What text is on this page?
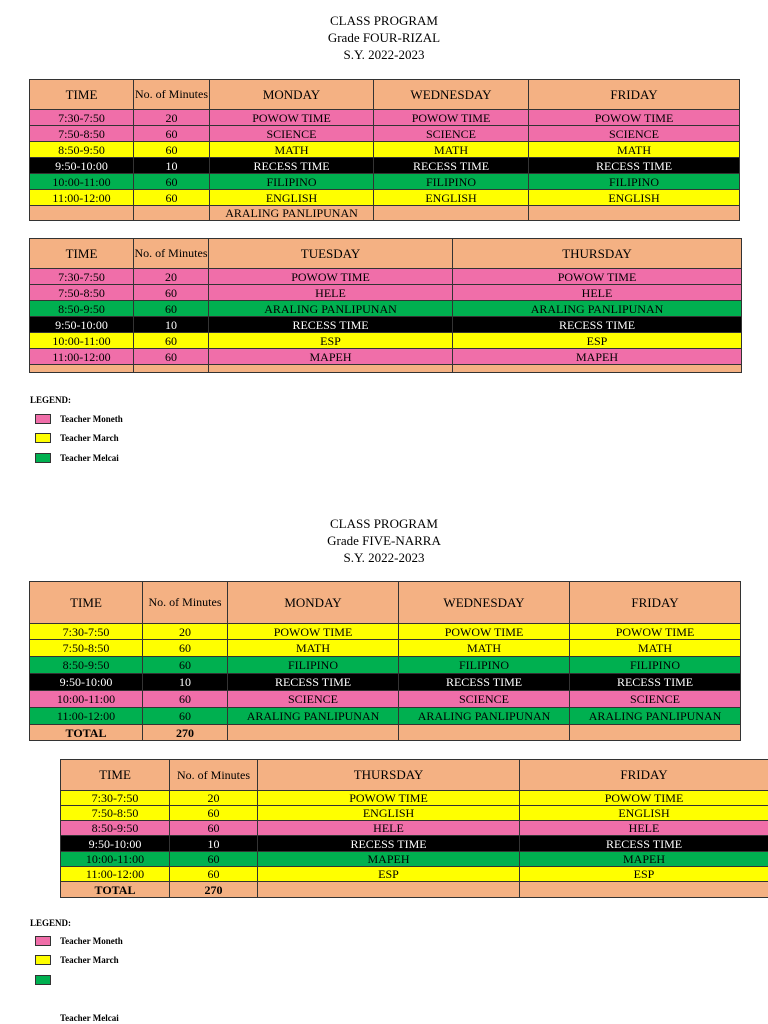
CLASS PROGRAM
Grade FOUR-RIZAL
S.Y. 2022-2023
TIME	No. of Minutes	MONDAY	WEDNESDAY	FRIDAY
7:30-7:50	20	POWOW TIME	POWOW TIME	POWOW TIME
7:50-8:50	60	SCIENCE	SCIENCE	SCIENCE
8:50-9:50	60	MATH	MATH	MATH
9:50-10:00	10	RECESS TIME	RECESS TIME	RECESS TIME
10:00-11:00	60	FILIPINO	FILIPINO	FILIPINO
11:00-12:00	60	ENGLISH	ENGLISH	ENGLISH
		ARALING PANLIPUNAN		
TIME	No. of Minutes	TUESDAY	THURSDAY
7:30-7:50	20	POWOW TIME	POWOW TIME
7:50-8:50	60	HELE	HELE
8:50-9:50	60	ARALING PANLIPUNAN	ARALING PANLIPUNAN
9:50-10:00	10	RECESS TIME	RECESS TIME
10:00-11:00	60	ESP	ESP
11:00-12:00	60	MAPEH	MAPEH

LEGEND:
Teacher Moneth
Teacher March
Teacher Melcai
CLASS PROGRAM
Grade FIVE-NARRA
S.Y. 2022-2023
TIME	No. of Minutes	MONDAY	WEDNESDAY	FRIDAY
7:30-7:50	20	POWOW TIME	POWOW TIME	POWOW TIME
7:50-8:50	60	MATH	MATH	MATH
8:50-9:50	60	FILIPINO	FILIPINO	FILIPINO
9:50-10:00	10	RECESS TIME	RECESS TIME	RECESS TIME
10:00-11:00	60	SCIENCE	SCIENCE	SCIENCE
11:00-12:00	60	ARALING PANLIPUNAN	ARALING PANLIPUNAN	ARALING PANLIPUNAN
TOTAL	270			
TIME	No. of Minutes	THURSDAY	FRIDAY
7:30-7:50	20	POWOW TIME	POWOW TIME
7:50-8:50	60	ENGLISH	ENGLISH
8:50-9:50	60	HELE	HELE
9:50-10:00	10	RECESS TIME	RECESS TIME
10:00-11:00	60	MAPEH	MAPEH
11:00-12:00	60	ESP	ESP
TOTAL	270		
LEGEND:
Teacher Moneth
Teacher March
Teacher Melcai
